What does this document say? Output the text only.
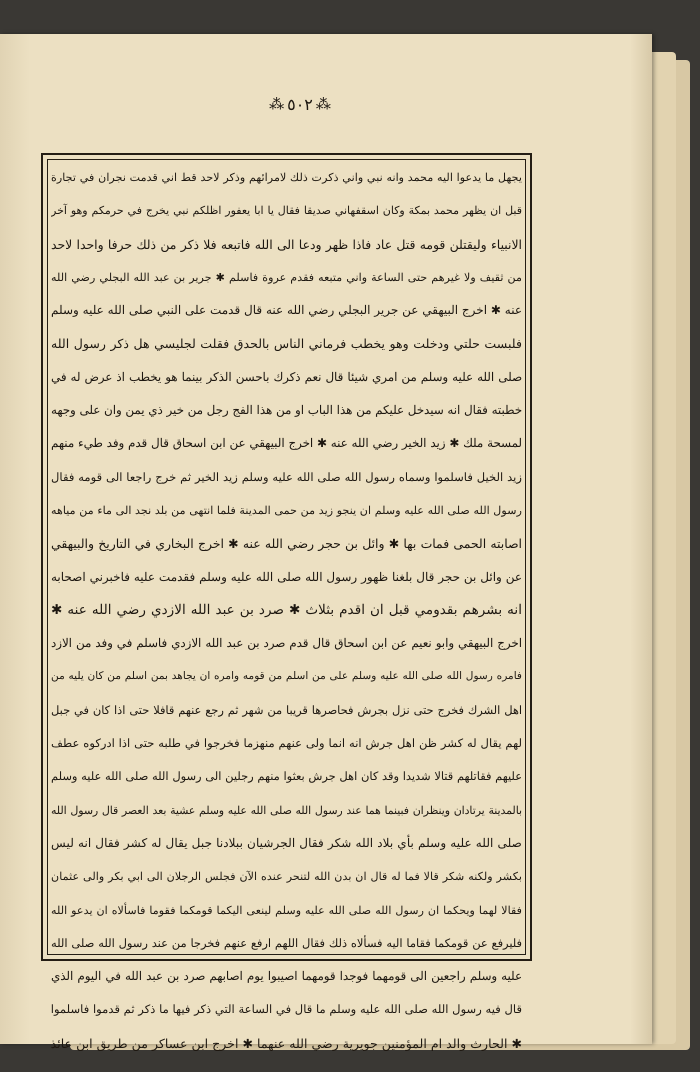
⁂ ٥٠٢ ⁂
يجهل ما يدعوا اليه محمد وانه نبي واني ذكرت ذلك لامرائهم وذكر لاحد قط اني قدمت نجران في تجارة
قبل ان يظهر محمد بمكة وكان اسقفهاني صديقا فقال يا ابا يعفور اظلكم نبي يخرج في حرمكم وهو آخر
الانبياء وليقتلن قومه قتل عاد فاذا ظهر ودعا الى الله فاتبعه فلا ذكر من ذلك حرفا واحدا لاحد
من ثقيف ولا غيرهم حتى الساعة واني متبعه فقدم عروة فاسلم ✱ جرير بن عبد الله البجلي رضي الله
عنه ✱ اخرج البيهقي عن جرير البجلي رضي الله عنه قال قدمت على النبي صلى الله عليه وسلم
فلبست حلتي ودخلت وهو يخطب فرماني الناس بالحدق فقلت لجليسي هل ذكر رسول الله
صلى الله عليه وسلم من امري شيئا قال نعم ذكرك باحسن الذكر بينما هو يخطب اذ عرض له في
خطبته فقال انه سيدخل عليكم من هذا الباب او من هذا الفج رجل من خير ذي يمن وان على وجهه
لمسحة ملك ✱ زيد الخير رضي الله عنه ✱ اخرج البيهقي عن ابن اسحاق قال قدم وفد طيء منهم
زيد الخيل فاسلموا وسماه رسول الله صلى الله عليه وسلم زيد الخير ثم خرج راجعا الى قومه فقال
رسول الله صلى الله عليه وسلم ان ينجو زيد من حمى المدينة فلما انتهى من بلد نجد الى ماء من مياهه
اصابته الحمى فمات بها ✱ وائل بن حجر رضي الله عنه ✱ اخرج البخاري في التاريخ والبيهقي
عن وائل بن حجر قال بلغنا ظهور رسول الله صلى الله عليه وسلم فقدمت عليه فاخبرني اصحابه
انه بشرهم بقدومي قبل ان اقدم بثلاث ✱ صرد بن عبد الله الازدي رضي الله عنه ✱
اخرج البيهقي وابو نعيم عن ابن اسحاق قال قدم صرد بن عبد الله الازدي فاسلم في وفد من الازد
فامره رسول الله صلى الله عليه وسلم على من اسلم من قومه وامره ان يجاهد بمن اسلم من كان يليه من
اهل الشرك فخرج حتى نزل بجرش فحاصرها قريبا من شهر ثم رجع عنهم قافلا حتى اذا كان في جبل
لهم يقال له كشر ظن اهل جرش انه انما ولى عنهم منهزما فخرجوا في طلبه حتى اذا ادركوه عطف
عليهم فقاتلهم قتالا شديدا وقد كان اهل جرش بعثوا منهم رجلين الى رسول الله صلى الله عليه وسلم
بالمدينة يرتادان وينظران فبينما هما عند رسول الله صلى الله عليه وسلم عشية بعد العصر قال رسول الله
صلى الله عليه وسلم بأي بلاد الله شكر فقال الجرشيان ببلادنا جبل يقال له كشر فقال انه ليس
بكشر ولكنه شكر قالا فما له قال ان بدن الله لتنحر عنده الآن فجلس الرجلان الى ابي بكر والى عثمان
فقالا لهما ويحكما ان رسول الله صلى الله عليه وسلم لينعى اليكما قومكما فقوما فاسألاه ان يدعو الله
فليرفع عن قومكما فقاما اليه فسألاه ذلك فقال اللهم ارفع عنهم فخرجا من عند رسول الله صلى الله
عليه وسلم راجعين الى قومهما فوجدا قومهما اصيبوا يوم اصابهم صرد بن عبد الله في اليوم الذي
قال فيه رسول الله صلى الله عليه وسلم ما قال في الساعة التي ذكر فيها ما ذكر ثم قدموا فاسلموا
✱ الحارث والد ام المؤمنين جويرية رضي الله عنهما ✱ اخرج ابن عساكر من طريق ابن عائذ
